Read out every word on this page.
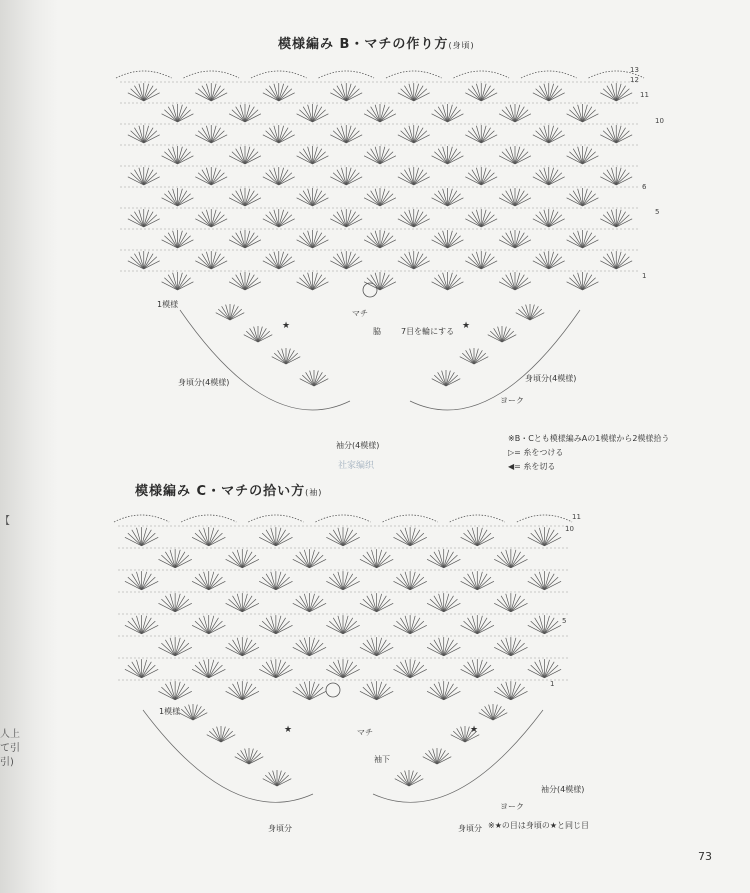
【
人上
て引
引)
模様編み B・マチの作り方(身頃)
★	★
13
12
11
10
6
5
1
1模様
マチ
脇	7目を輪にする
身頃分(4模様)	身頃分(4模様)
ヨーク
袖分(4模様)
※B・Cとも模様編みAの1模様から2模様拾う
▷= 糸をつける
◀= 糸を切る
社家编织
模様編み C・マチの拾い方(袖)
★	★
11
10
5
1
1模様
マチ
袖下
袖分(4模様)
ヨーク
身頃分	身頃分 ※★の目は身頃の★と同じ目
73
